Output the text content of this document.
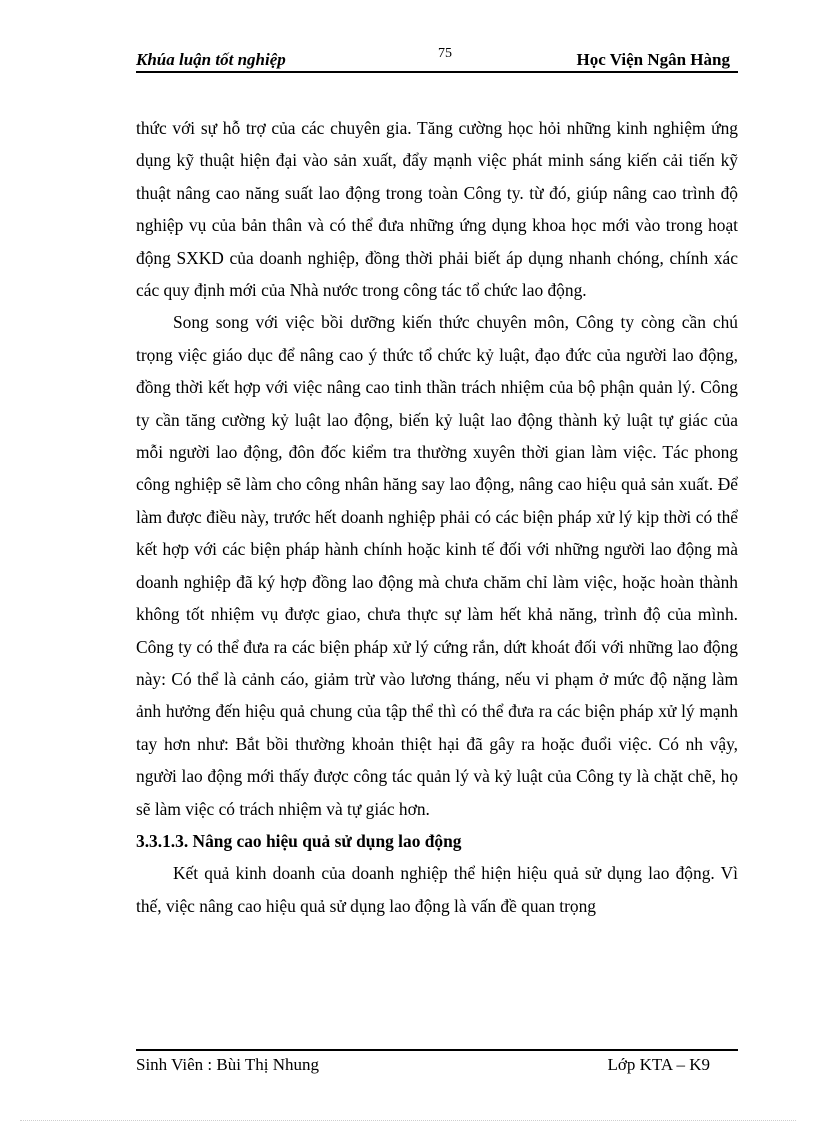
Khúa luận tốt nghiệp	75	Học Viện Ngân Hàng

thức với sự hỗ trợ của các chuyên gia. Tăng cường học hỏi những kinh nghiệm ứng dụng kỹ thuật hiện đại vào sản xuất, đẩy mạnh việc phát minh sáng kiến cải tiến kỹ thuật nâng cao năng suất lao động trong toàn Công ty. từ đó, giúp nâng cao trình độ nghiệp vụ của bản thân và có thể đưa những ứng dụng khoa học mới vào trong hoạt động SXKD của doanh nghiệp, đồng thời phải biết áp dụng nhanh chóng, chính xác các quy định mới của Nhà nước trong công tác tổ chức lao động.

Song song với việc bồi dưỡng kiến thức chuyên môn, Công ty còng cần chú trọng việc giáo dục để nâng cao ý thức tổ chức kỷ luật, đạo đức của người lao động, đồng thời kết hợp với việc nâng cao tinh thần trách nhiệm của bộ phận quản lý. Công ty cần tăng cường kỷ luật lao động, biến kỷ luật lao động thành kỷ luật tự giác của mỗi người lao động, đôn đốc kiểm tra thường xuyên thời gian làm việc. Tác phong công nghiệp sẽ làm cho công nhân hăng say lao động, nâng cao hiệu quả sản xuất. Để làm được điều này, trước hết doanh nghiệp phải có các biện pháp xử lý kịp thời có thể kết hợp với các biện pháp hành chính hoặc kinh tế đối với những người lao động mà doanh nghiệp đã ký hợp đồng lao động mà chưa chăm chỉ làm việc, hoặc hoàn thành không tốt nhiệm vụ được giao, chưa thực sự làm hết khả năng, trình độ của mình. Công ty có thể đưa ra các biện pháp xử lý cứng rắn, dứt khoát đối với những lao động này: Có thể là cảnh cáo, giảm trừ vào lương tháng, nếu vi phạm ở mức độ nặng làm ảnh hưởng đến hiệu quả chung của tập thể thì có thể đưa ra các biện pháp xử lý mạnh tay hơn như: Bắt bồi thường khoản thiệt hại đã gây ra hoặc đuổi việc. Có nh vậy, người lao động mới thấy được công tác quản lý và kỷ luật của Công ty là chặt chẽ, họ sẽ làm việc có trách nhiệm và tự giác hơn.

3.3.1.3. Nâng cao hiệu quả sử dụng lao động

Kết quả kinh doanh của doanh nghiệp thể hiện hiệu quả sử dụng lao động. Vì thế, việc nâng cao hiệu quả sử dụng lao động là vấn đề quan trọng

Sinh Viên : Bùi Thị Nhung	Lớp KTA – K9
